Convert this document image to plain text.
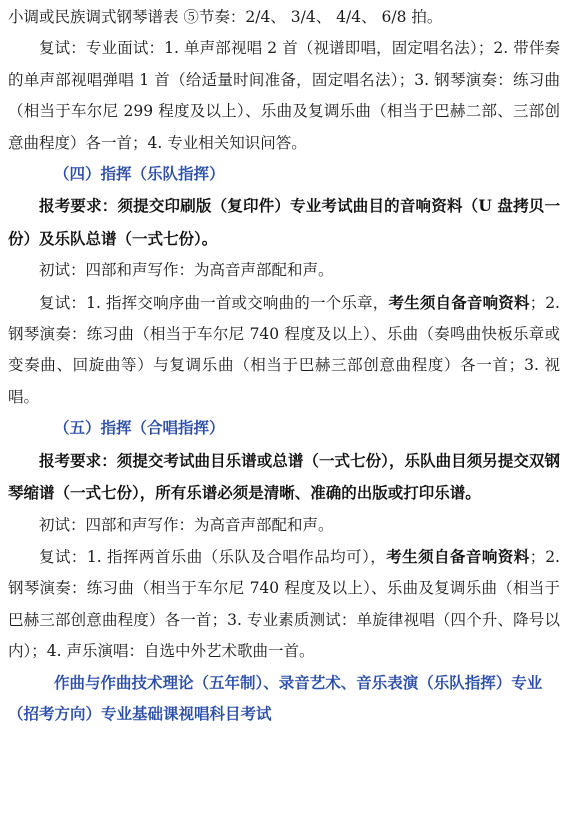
小调或民族调式钢琴谱表 ⑤节奏：2/4、 3/4、 4/4、 6/8 拍。

复试：专业面试：1. 单声部视唱 2 首（视谱即唱，固定唱名法）；2. 带伴奏的单声部视唱弹唱 1 首（给适量时间准备，固定唱名法）；3. 钢琴演奏：练习曲（相当于车尔尼 299 程度及以上）、乐曲及复调乐曲（相当于巴赫二部、三部创意曲程度）各一首；4. 专业相关知识问答。

（四）指挥（乐队指挥）

报考要求：须提交印刷版（复印件）专业考试曲目的音响资料（U 盘拷贝一份）及乐队总谱（一式七份）。

初试：四部和声写作：为高音声部配和声。

复试：1. 指挥交响序曲一首或交响曲的一个乐章，考生须自备音响资料；2. 钢琴演奏：练习曲（相当于车尔尼 740 程度及以上）、乐曲（奏鸣曲快板乐章或变奏曲、回旋曲等）与复调乐曲（相当于巴赫三部创意曲程度）各一首；3. 视唱。

（五）指挥（合唱指挥）

报考要求：须提交考试曲目乐谱或总谱（一式七份），乐队曲目须另提交双钢琴缩谱（一式七份），所有乐谱必须是清晰、准确的出版或打印乐谱。

初试：四部和声写作：为高音声部配和声。

复试：1. 指挥两首乐曲（乐队及合唱作品均可），考生须自备音响资料；2. 钢琴演奏：练习曲（相当于车尔尼 740 程度及以上）、乐曲及复调乐曲（相当于巴赫三部创意曲程度）各一首；3. 专业素质测试：单旋律视唱（四个升、降号以内）；4. 声乐演唱：自选中外艺术歌曲一首。

作曲与作曲技术理论（五年制）、录音艺术、音乐表演（乐队指挥）专业（招考方向）专业基础课视唱科目考试
